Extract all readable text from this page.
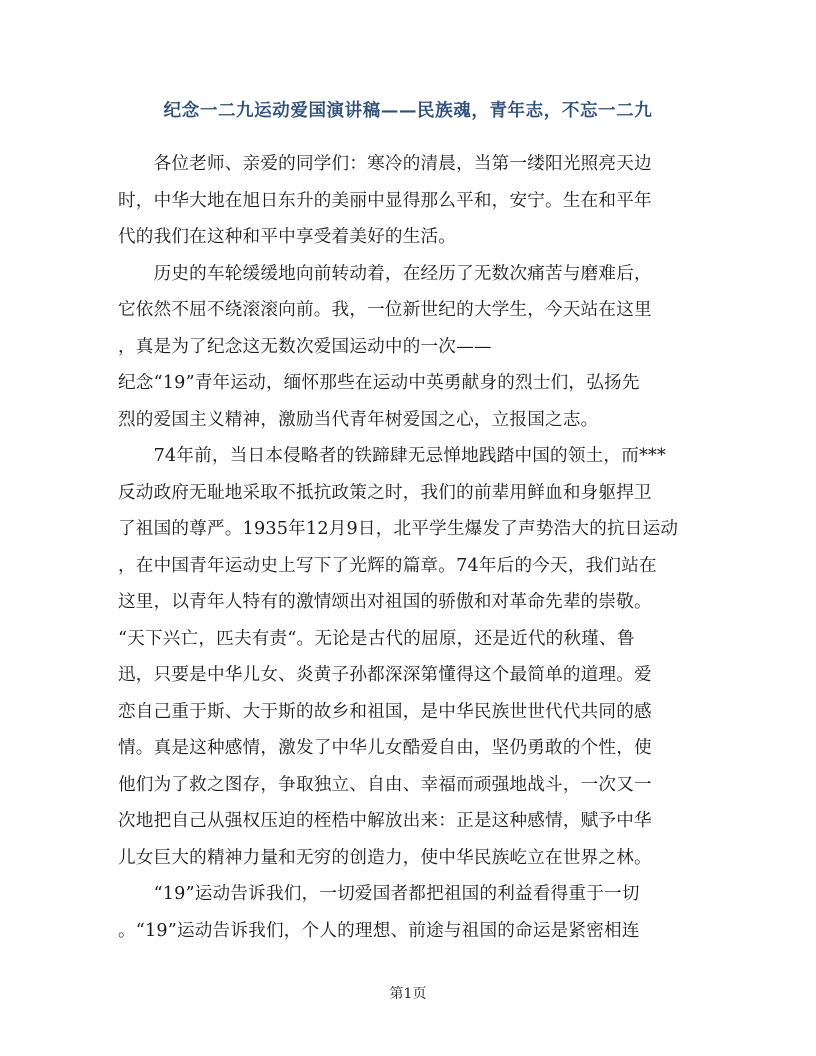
纪念一二九运动爱国演讲稿——民族魂，青年志，不忘一二九
　　各位老师、亲爱的同学们：寒冷的清晨，当第一缕阳光照亮天边
时，中华大地在旭日东升的美丽中显得那么平和，安宁。生在和平年
代的我们在这种和平中享受着美好的生活。
　　历史的车轮缓缓地向前转动着，在经历了无数次痛苦与磨难后，
它依然不屈不绕滚滚向前。我，一位新世纪的大学生，今天站在这里
，真是为了纪念这无数次爱国运动中的一次——
纪念“19”青年运动，缅怀那些在运动中英勇献身的烈士们，弘扬先
烈的爱国主义精神，激励当代青年树爱国之心，立报国之志。
　　74年前，当日本侵略者的铁蹄肆无忌惮地践踏中国的领土，而***
反动政府无耻地采取不抵抗政策之时，我们的前辈用鲜血和身躯捍卫
了祖国的尊严。1935年12月9日，北平学生爆发了声势浩大的抗日运动
，在中国青年运动史上写下了光辉的篇章。74年后的今天，我们站在
这里，以青年人特有的激情颂出对祖国的骄傲和对革命先辈的崇敬。
“天下兴亡，匹夫有责“。无论是古代的屈原，还是近代的秋瑾、鲁
迅，只要是中华儿女、炎黄子孙都深深第懂得这个最简单的道理。爱
恋自己重于斯、大于斯的故乡和祖国，是中华民族世世代代共同的感
情。真是这种感情，激发了中华儿女酷爱自由，坚仍勇敢的个性，使
他们为了救之图存，争取独立、自由、幸福而顽强地战斗，一次又一
次地把自己从强权压迫的桎梏中解放出来：正是这种感情，赋予中华
儿女巨大的精神力量和无穷的创造力，使中华民族屹立在世界之林。
　　“19”运动告诉我们，一切爱国者都把祖国的利益看得重于一切
。“19”运动告诉我们，个人的理想、前途与祖国的命运是紧密相连
第1页
